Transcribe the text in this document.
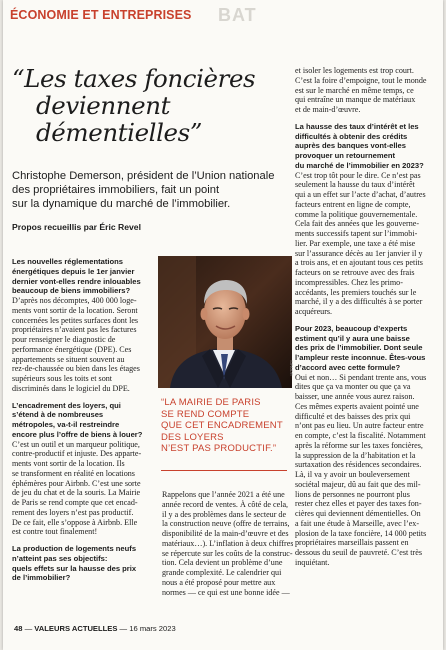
ÉCONOMIE ET ENTREPRISES BAT
“Les taxes foncières
deviennent
démentielles”
Christophe Demerson, président de l’Union nationale
des propriétaires immobiliers, fait un point
sur la dynamique du marché de l’immobilier.
Propos recueillis par Éric Revel
Les nouvelles réglementations
énergétiques depuis le 1er janvier
dernier vont-elles rendre inlouables
beaucoup de biens immobiliers?
D’après nos décomptes, 400 000 loge-
ments vont sortir de la location. Seront
concernées les petites surfaces dont les
propriétaires n’avaient pas les factures
pour renseigner le diagnostic de
performance énergétique (DPE). Ces
appartements se situent souvent au
rez-de-chaussée ou bien dans les étages
supérieurs sous les toits et sont
discriminés dans le logiciel du DPE.
L’encadrement des loyers, qui
s’étend à de nombreuses
métropoles, va-t-il restreindre
encore plus l’offre de biens à louer?
C’est un outil et un marqueur politique,
contre-productif et injuste. Des apparte-
ments vont sortir de la location. Ils
se transforment en réalité en locations
éphémères pour Airbnb. C’est une sorte
de jeu du chat et de la souris. La Mairie
de Paris se rend compte que cet encad-
rement des loyers n’est pas productif.
De ce fait, elle s’oppose à Airbnb. Elle
est contre tout finalement!
La production de logements neufs
n’atteint pas ses objectifs:
quels effets sur la hausse des prix
de l’immobilier?
Rappelons que l’année 2021 a été une
année record de ventes. À côté de cela,
il y a des problèmes dans le secteur de
la construction neuve (offre de terrains,
disponibilité de la main-d’œuvre et des
matériaux…). L’inflation à deux chiffres
se répercute sur les coûts de la construc-
tion. Cela devient un problème d’une
grande complexité. Le calendrier qui
nous a été proposé pour mettre aux
normes — ce qui est une bonne idée —
et isoler les logements est trop court.
C’est la foire d’empoigne, tout le monde
est sur le marché en même temps, ce
qui entraîne un manque de matériaux
et de main-d’œuvre.
La hausse des taux d’intérêt et les
difficultés à obtenir des crédits
auprès des banques vont-elles
provoquer un retournement
du marché de l’immobilier en 2023?
C’est trop tôt pour le dire. Ce n’est pas
seulement la hausse du taux d’intérêt
qui a un effet sur l’acte d’achat, d’autres
facteurs entrent en ligne de compte,
comme la politique gouvernementale.
Cela fait des années que les gouverne-
ments successifs tapent sur l’immobi-
lier. Par exemple, une taxe a été mise
sur l’assurance décès au 1er janvier il y
a trois ans, et en ajoutant tous ces petits
facteurs on se retrouve avec des frais
incompressibles. Chez les primo-
accédants, les premiers touchés sur le
marché, il y a des difficultés à se porter
acquéreurs.
Pour 2023, beaucoup d’experts
estiment qu’il y aura une baisse
des prix de l’immobilier. Dont seule
l’ampleur reste inconnue. Êtes-vous
d’accord avec cette formule?
Oui et non… Si pendant trente ans, vous
dites que ça va monter ou que ça va
baisser, une année vous aurez raison.
Ces mêmes experts avaient pointé une
difficulté et des baisses des prix qui
n’ont pas eu lieu. Un autre facteur entre
en compte, c’est la fiscalité. Notamment
après la réforme sur les taxes foncières,
la suppression de la d’habitation et la
surtaxation des résidences secondaires.
Là, il va y avoir un bouleversement
sociétal majeur, dû au fait que des mil-
lions de personnes ne pourront plus
rester chez elles et payer des taxes fon-
cières qui deviennent démentielles. On
a fait une étude à Marseille, avec l’ex-
plosion de la taxe foncière, 14 000 petits
propriétaires marseillais passent en
dessous du seuil de pauvreté. C’est très
inquiétant.
SIPA/DR
“LA MAIRIE DE PARIS
SE REND COMPTE
QUE CET ENCADREMENT
DES LOYERS
N’EST PAS PRODUCTIF.”
48 — VALEURS ACTUELLES — 16 mars 2023
